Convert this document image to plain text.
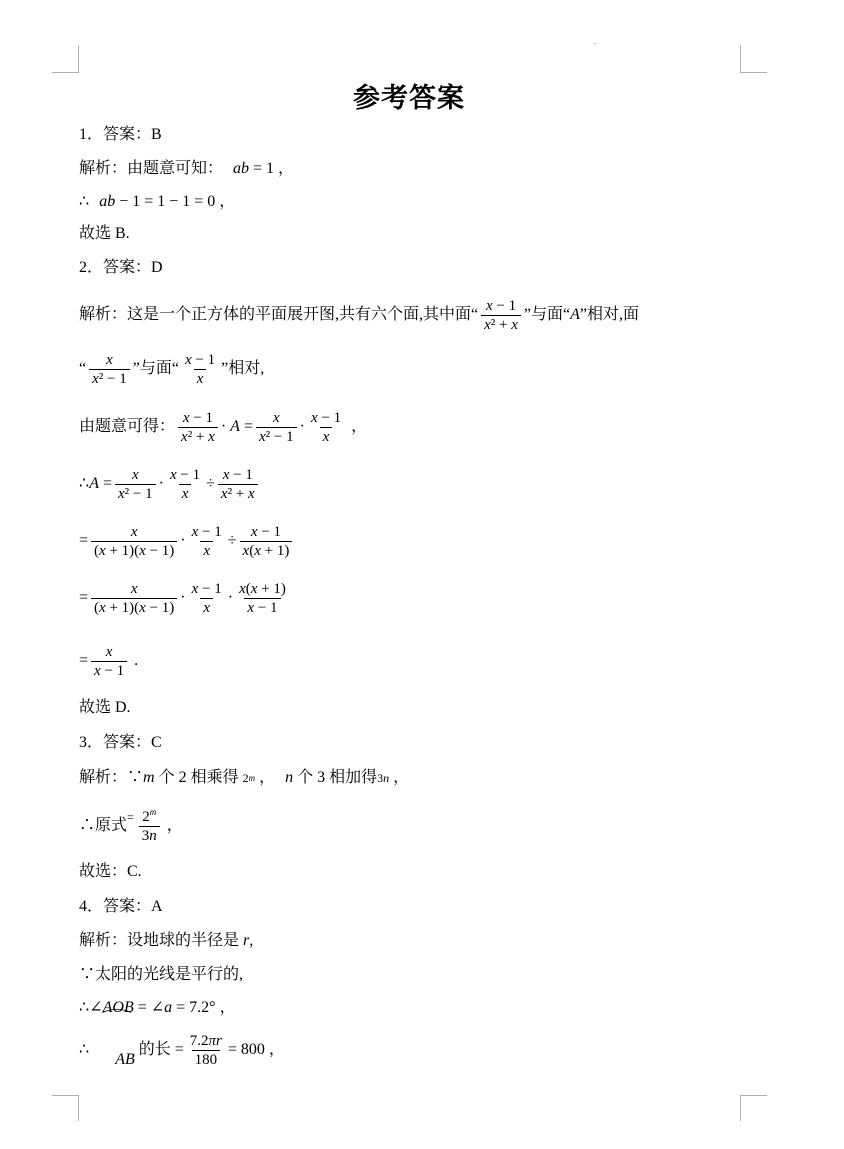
参考答案
1．答案：B
解析：由题意可知： ab = 1 ，
∴ ab − 1 = 1 − 1 = 0 ，
故选 B.
2．答案：D
解析：这是一个正方体的平面展开图,共有六个面,其中面“ $\frac{x - 1}{\text{x² + x}}$ ”与面“ A ”相对,面
“ $\frac{x}{\text{x² − 1}}$ ”与面“ $\frac{x - 1}{x}$ ”相对,
由题意可得： $\frac{x - 1}{\text{x² + x}} \cdot A = \frac{x}{\text{x² − 1}} \cdot \frac{x - 1}{x}$ ，
∴A = $\frac{x}{\text{x² − 1}} \cdot \frac{x - 1}{x} \div \frac{x - 1}{\text{x² + x}}$
= $\frac{x}{(x + 1)(x - 1)} \cdot \frac{x - 1}{x} \div \frac{x - 1}{x(x + 1)}$
= $\frac{x}{(x + 1)(x - 1)} \cdot \frac{x - 1}{x} \cdot \frac{x(x + 1)}{x - 1}$
= $\frac{x}{x - 1}$ .
故选 D.
3．答案：C
解析：∵ m 个 2 相乘得 2 m ， n 个 3 相加得 3n ，
∴原式 = $\frac{2^m}{3n}$ ，
故选：C.
4．答案：A
解析：设地球的半径是 r ,
∵太阳的光线是平行的,
∴ ∠AOB = ∠a = 7.2° ，
∴

AB

的长 = $\frac{7.2\pi r}{180} = 800$ ，
